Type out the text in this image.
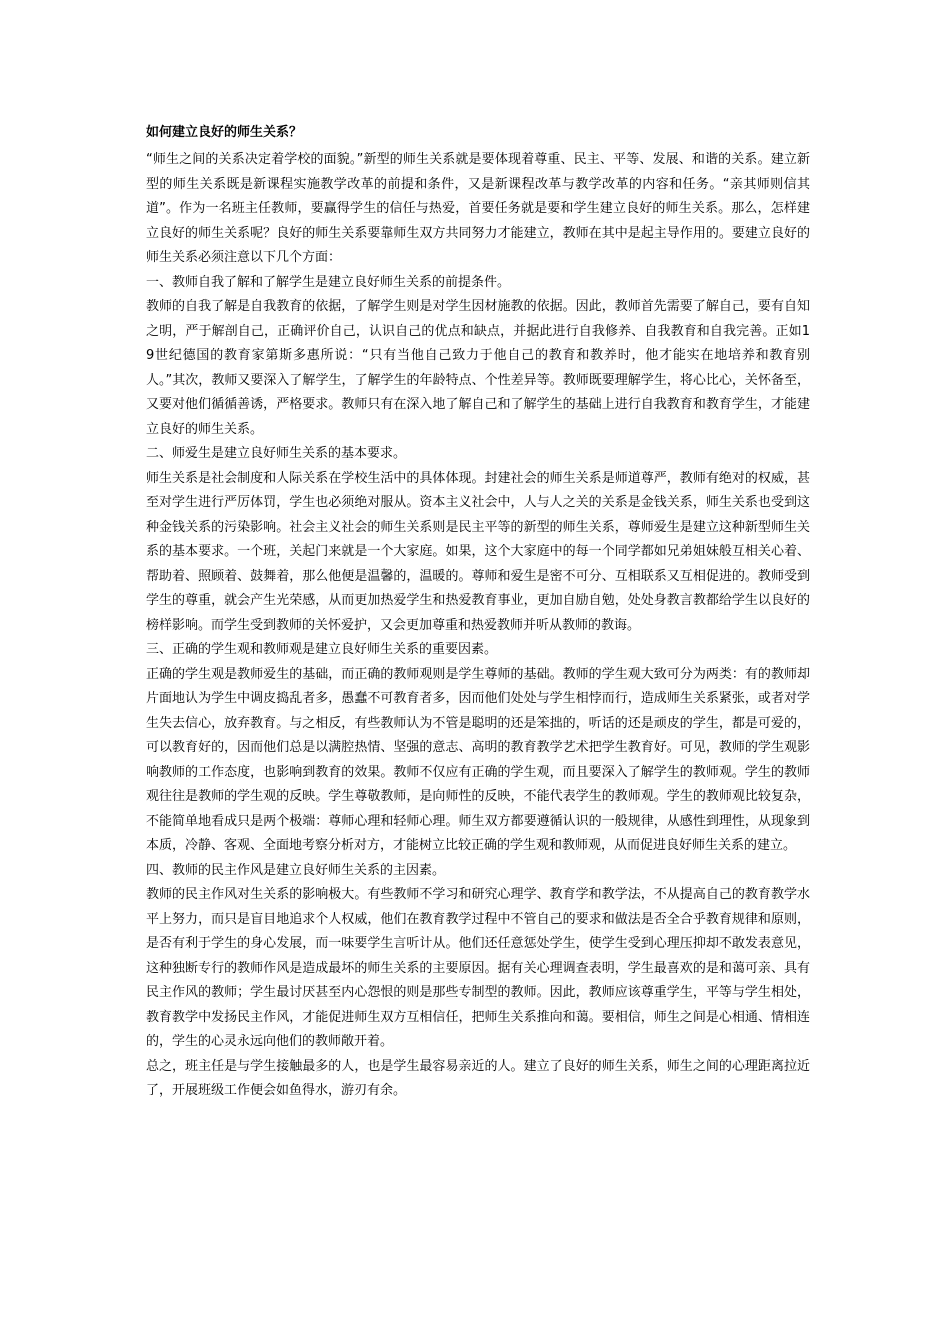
如何建立良好的师生关系？

“师生之间的关系决定着学校的面貌。”新型的师生关系就是要体现着尊重、民主、平等、发展、和谐的关系。建立新型的师生关系既是新课程实施教学改革的前提和条件，又是新课程改革与教学改革的内容和任务。“亲其师则信其道”。作为一名班主任教师，要赢得学生的信任与热爱，首要任务就是要和学生建立良好的师生关系。那么，怎样建立良好的师生关系呢？良好的师生关系要靠师生双方共同努力才能建立，教师在其中是起主导作用的。要建立良好的师生关系必须注意以下几个方面：

一、教师自我了解和了解学生是建立良好师生关系的前提条件。

教师的自我了解是自我教育的依据，了解学生则是对学生因材施教的依据。因此，教师首先需要了解自己，要有自知之明，严于解剖自己，正确评价自己，认识自己的优点和缺点，并据此进行自我修养、自我教育和自我完善。正如19世纪德国的教育家第斯多惠所说：“只有当他自己致力于他自己的教育和教养时，他才能实在地培养和教育别人。”其次，教师又要深入了解学生，了解学生的年龄特点、个性差异等。教师既要理解学生，将心比心，关怀备至，又要对他们循循善诱，严格要求。教师只有在深入地了解自己和了解学生的基础上进行自我教育和教育学生，才能建立良好的师生关系。

二、师爱生是建立良好师生关系的基本要求。

师生关系是社会制度和人际关系在学校生活中的具体体现。封建社会的师生关系是师道尊严，教师有绝对的权威，甚至对学生进行严厉体罚，学生也必须绝对服从。资本主义社会中，人与人之关的关系是金钱关系，师生关系也受到这种金钱关系的污染影响。社会主义社会的师生关系则是民主平等的新型的师生关系，尊师爱生是建立这种新型师生关系的基本要求。一个班，关起门来就是一个大家庭。如果，这个大家庭中的每一个同学都如兄弟姐妹般互相关心着、帮助着、照顾着、鼓舞着，那么他便是温馨的，温暖的。尊师和爱生是密不可分、互相联系又互相促进的。教师受到学生的尊重，就会产生光荣感，从而更加热爱学生和热爱教育事业，更加自励自勉，处处身教言教都给学生以良好的榜样影响。而学生受到教师的关怀爱护，又会更加尊重和热爱教师并听从教师的教诲。

三、正确的学生观和教师观是建立良好师生关系的重要因素。

正确的学生观是教师爱生的基础，而正确的教师观则是学生尊师的基础。教师的学生观大致可分为两类：有的教师却片面地认为学生中调皮捣乱者多，愚蠢不可教育者多，因而他们处处与学生相悖而行，造成师生关系紧张，或者对学生失去信心，放弃教育。与之相反，有些教师认为不管是聪明的还是笨拙的，听话的还是顽皮的学生，都是可爱的，可以教育好的，因而他们总是以满腔热情、坚强的意志、高明的教育教学艺术把学生教育好。可见，教师的学生观影响教师的工作态度，也影响到教育的效果。教师不仅应有正确的学生观，而且要深入了解学生的教师观。学生的教师观往往是教师的学生观的反映。学生尊敬教师，是向师性的反映，不能代表学生的教师观。学生的教师观比较复杂，不能简单地看成只是两个极端：尊师心理和轻师心理。师生双方都要遵循认识的一般规律，从感性到理性，从现象到本质，冷静、客观、全面地考察分析对方，才能树立比较正确的学生观和教师观，从而促进良好师生关系的建立。

四、教师的民主作风是建立良好师生关系的主因素。

教师的民主作风对生关系的影响极大。有些教师不学习和研究心理学、教育学和教学法，不从提高自己的教育教学水平上努力，而只是盲目地追求个人权威，他们在教育教学过程中不管自己的要求和做法是否全合乎教育规律和原则，是否有利于学生的身心发展，而一味要学生言听计从。他们还任意惩处学生，使学生受到心理压抑却不敢发表意见，这种独断专行的教师作风是造成最坏的师生关系的主要原因。据有关心理调查表明，学生最喜欢的是和蔼可亲、具有民主作风的教师；学生最讨厌甚至内心怨恨的则是那些专制型的教师。因此，教师应该尊重学生，平等与学生相处，教育教学中发扬民主作风，才能促进师生双方互相信任，把师生关系推向和蔼。要相信，师生之间是心相通、情相连的，学生的心灵永远向他们的教师敞开着。

总之，班主任是与学生接触最多的人，也是学生最容易亲近的人。建立了良好的师生关系，师生之间的心理距离拉近了，开展班级工作便会如鱼得水，游刃有余。
